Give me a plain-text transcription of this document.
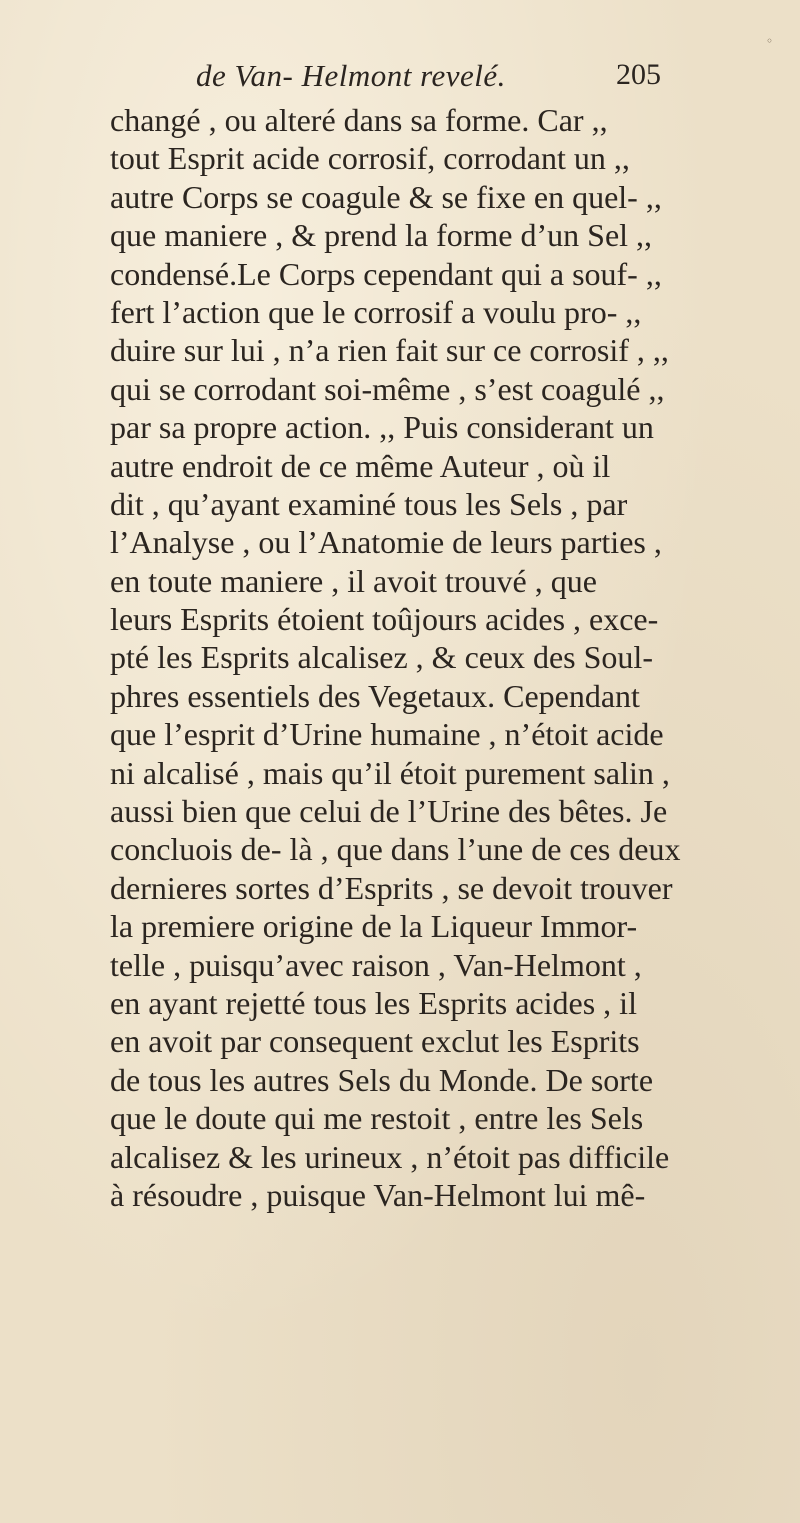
◦
de Van- Helmont revelé.	205
changé , ou alteré dans sa forme. Car ,,
tout Esprit acide corrosif, corrodant un ,,
autre Corps se coagule & se fixe en quel- ,,
que maniere , & prend la forme d’un Sel ,,
condensé.Le Corps cependant qui a souf- ,,
fert l’action que le corrosif a voulu pro- ,,
duire sur lui , n’a rien fait sur ce corrosif , ,,
qui se corrodant soi-même , s’est coagulé ,,
par sa propre action. ,, Puis considerant un
autre endroit de ce même Auteur , où il
dit , qu’ayant examiné tous les Sels , par
l’Analyse , ou l’Anatomie de leurs parties ,
en toute maniere , il avoit trouvé , que
leurs Esprits étoient toûjours acides , exce-
pté les Esprits alcalisez , & ceux des Soul-
phres essentiels des Vegetaux. Cependant
que l’esprit d’Urine humaine , n’étoit acide
ni alcalisé , mais qu’il étoit purement salin ,
aussi bien que celui de l’Urine des bêtes. Je
concluois de- là , que dans l’une de ces deux
dernieres sortes d’Esprits , se devoit trouver
la premiere origine de la Liqueur Immor-
telle , puisqu’avec raison , Van-Helmont ,
en ayant rejetté tous les Esprits acides , il
en avoit par consequent exclut les Esprits
de tous les autres Sels du Monde. De sorte
que le doute qui me restoit , entre les Sels
alcalisez & les urineux , n’étoit pas difficile
à résoudre , puisque Van-Helmont lui mê-
